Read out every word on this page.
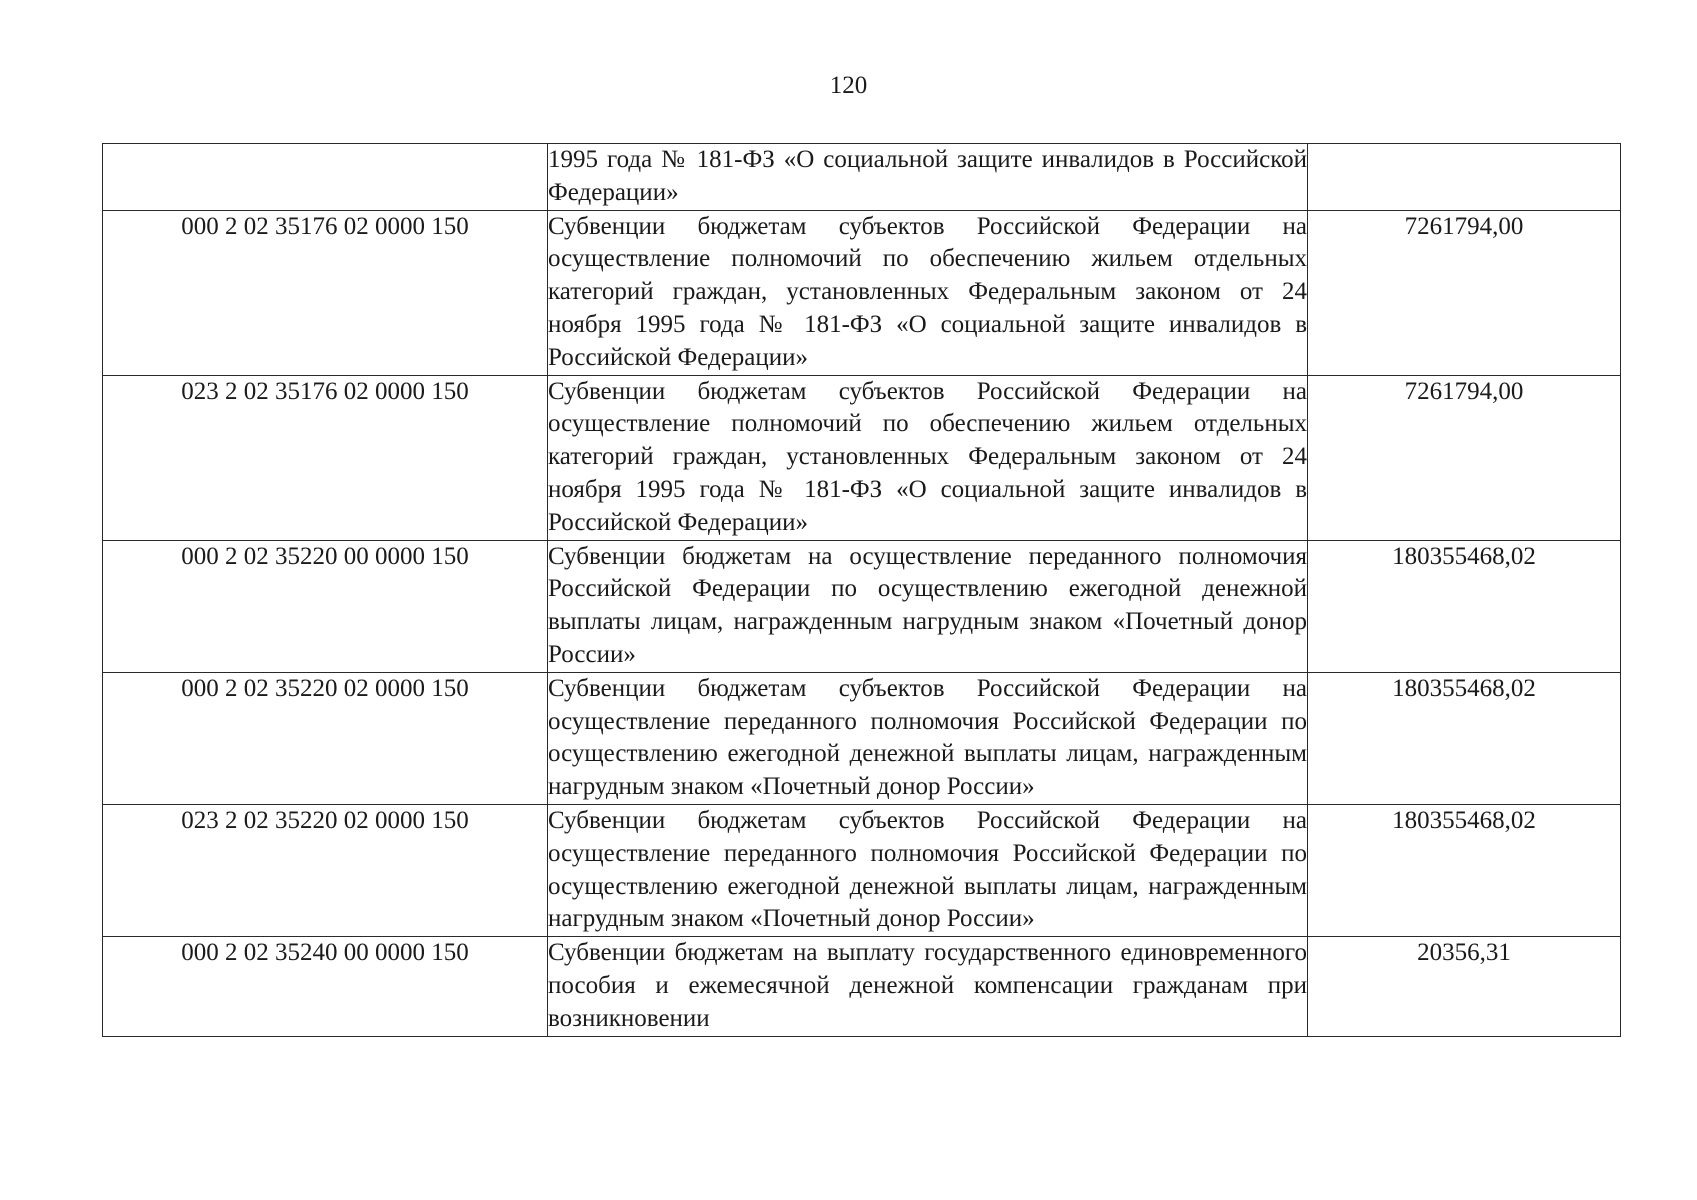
120
	1995 года № 181-ФЗ «О социальной защите инвалидов в Российской Федерации»	
000 2 02 35176 02 0000 150	Субвенции бюджетам субъектов Российской Федерации на осуществление полномочий по обеспечению жильем отдельных категорий граждан, установленных Федеральным законом от 24 ноября 1995 года № 181-ФЗ «О социальной защите инвалидов в Российской Федерации»	7261794,00
023 2 02 35176 02 0000 150	Субвенции бюджетам субъектов Российской Федерации на осуществление полномочий по обеспечению жильем отдельных категорий граждан, установленных Федеральным законом от 24 ноября 1995 года № 181-ФЗ «О социальной защите инвалидов в Российской Федерации»	7261794,00
000 2 02 35220 00 0000 150	Субвенции бюджетам на осуществление переданного полномочия Российской Федерации по осуществлению ежегодной денежной выплаты лицам, награжденным нагрудным знаком «Почетный донор России»	180355468,02
000 2 02 35220 02 0000 150	Субвенции бюджетам субъектов Российской Федерации на осуществление переданного полномочия Российской Федерации по осуществлению ежегодной денежной выплаты лицам, награжденным нагрудным знаком «Почетный донор России»	180355468,02
023 2 02 35220 02 0000 150	Субвенции бюджетам субъектов Российской Федерации на осуществление переданного полномочия Российской Федерации по осуществлению ежегодной денежной выплаты лицам, награжденным нагрудным знаком «Почетный донор России»	180355468,02
000 2 02 35240 00 0000 150	Субвенции бюджетам на выплату государственного единовременного пособия и ежемесячной денежной компенсации гражданам при возникновении	20356,31
